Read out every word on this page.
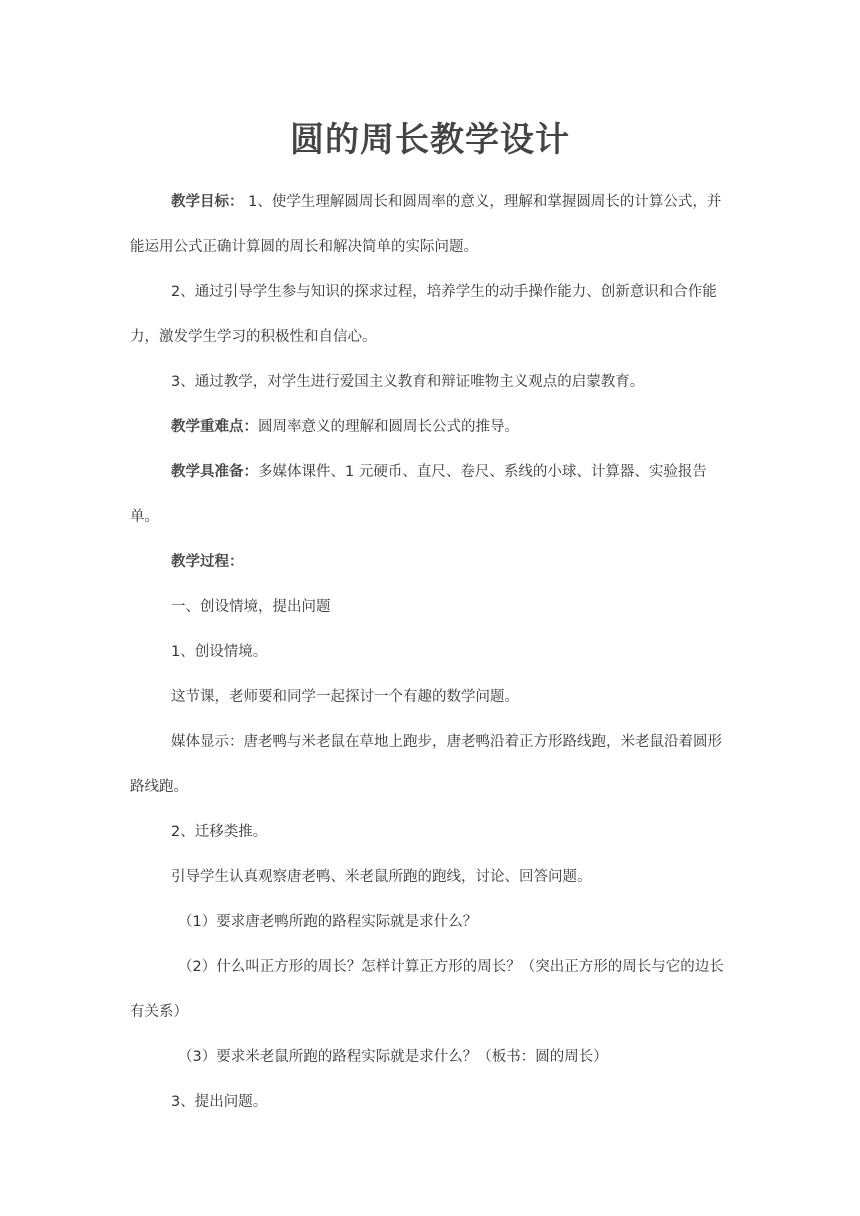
圆的周长教学设计

教学目标： 1、使学生理解圆周长和圆周率的意义，理解和掌握圆周长的计算公式，并能运用公式正确计算圆的周长和解决简单的实际问题。

2、通过引导学生参与知识的探求过程，培养学生的动手操作能力、创新意识和合作能力，激发学生学习的积极性和自信心。

3、通过教学，对学生进行爱国主义教育和辩证唯物主义观点的启蒙教育。

教学重难点：圆周率意义的理解和圆周长公式的推导。

教学具准备：多媒体课件、1 元硬币、直尺、卷尺、系线的小球、计算器、实验报告单。

教学过程：

一、创设情境，提出问题

1、创设情境。

这节课，老师要和同学一起探讨一个有趣的数学问题。

媒体显示：唐老鸭与米老鼠在草地上跑步，唐老鸭沿着正方形路线跑，米老鼠沿着圆形路线跑。

2、迁移类推。

引导学生认真观察唐老鸭、米老鼠所跑的跑线，讨论、回答问题。

（1）要求唐老鸭所跑的路程实际就是求什么？

（2）什么叫正方形的周长？怎样计算正方形的周长？（突出正方形的周长与它的边长有关系）

（3）要求米老鼠所跑的路程实际就是求什么？（板书：圆的周长）

3、提出问题。
